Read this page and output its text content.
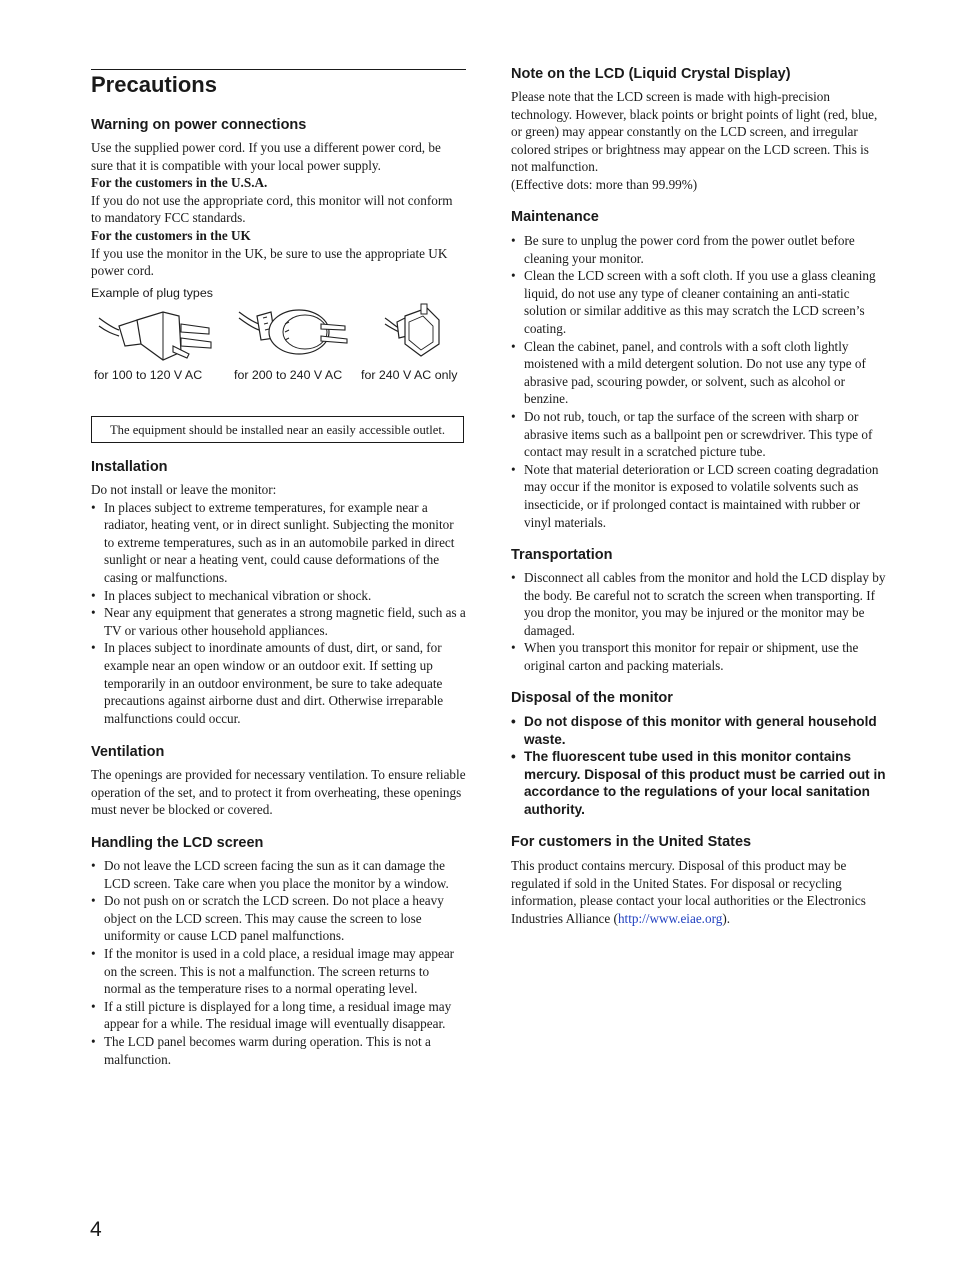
Precautions
Warning on power connections

Use the supplied power cord. If you use a different power cord, be sure that it is compatible with your local power supply.

For the customers in the U.S.A.

If you do not use the appropriate cord, this monitor will not conform to mandatory FCC standards.

For the customers in the UK

If you use the monitor in the UK, be sure to use the appropriate UK power cord.

Example of plug types
for 100 to 120 V AC	for 200 to 240 V AC for 240 V AC only
The equipment should be installed near an easily accessible outlet.
Installation

Do not install or leave the monitor:

• In places subject to extreme temperatures, for example near a radiator, heating vent, or in direct sunlight. Subjecting the monitor to extreme temperatures, such as in an automobile parked in direct sunlight or near a heating vent, could cause deformations of the casing or malfunctions.
• In places subject to mechanical vibration or shock.
• Near any equipment that generates a strong magnetic field, such as a TV or various other household appliances.
• In places subject to inordinate amounts of dust, dirt, or sand, for example near an open window or an outdoor exit. If setting up temporarily in an outdoor environment, be sure to take adequate precautions against airborne dust and dirt. Otherwise irreparable malfunctions could occur.
Ventilation

The openings are provided for necessary ventilation. To ensure reliable operation of the set, and to protect it from overheating, these openings must never be blocked or covered.

Handling the LCD screen
• Do not leave the LCD screen facing the sun as it can damage the LCD screen. Take care when you place the monitor by a window.
• Do not push on or scratch the LCD screen. Do not place a heavy object on the LCD screen. This may cause the screen to lose uniformity or cause LCD panel malfunctions.
• If the monitor is used in a cold place, a residual image may appear on the screen. This is not a malfunction. The screen returns to normal as the temperature rises to a normal operating level.
• If a still picture is displayed for a long time, a residual image may appear for a while. The residual image will eventually disappear.
• The LCD panel becomes warm during operation. This is not a malfunction.
Note on the LCD (Liquid Crystal Display)

Please note that the LCD screen is made with high-precision technology. However, black points or bright points of light (red, blue, or green) may appear constantly on the LCD screen, and irregular colored stripes or brightness may appear on the LCD screen. This is not malfunction.

(Effective dots: more than 99.99%)

Maintenance
• Be sure to unplug the power cord from the power outlet before cleaning your monitor.
• Clean the LCD screen with a soft cloth. If you use a glass cleaning liquid, do not use any type of cleaner containing an anti-static solution or similar additive as this may scratch the LCD screen’s coating.
• Clean the cabinet, panel, and controls with a soft cloth lightly moistened with a mild detergent solution. Do not use any type of abrasive pad, scouring powder, or solvent, such as alcohol or benzine.
• Do not rub, touch, or tap the surface of the screen with sharp or abrasive items such as a ballpoint pen or screwdriver. This type of contact may result in a scratched picture tube.
• Note that material deterioration or LCD screen coating degradation may occur if the monitor is exposed to volatile solvents such as insecticide, or if prolonged contact is maintained with rubber or vinyl materials.
Transportation
• Disconnect all cables from the monitor and hold the LCD display by the body. Be careful not to scratch the screen when transporting. If you drop the monitor, you may be injured or the monitor may be damaged.
• When you transport this monitor for repair or shipment, use the original carton and packing materials.
Disposal of the monitor
• Do not dispose of this monitor with general household waste.
• The fluorescent tube used in this monitor contains mercury. Disposal of this product must be carried out in accordance to the regulations of your local sanitation authority.
For customers in the United States

This product contains mercury. Disposal of this product may be regulated if sold in the United States. For disposal or recycling information, please contact your local authorities or the Electronics Industries Alliance (http://www.eiae.org).

4
